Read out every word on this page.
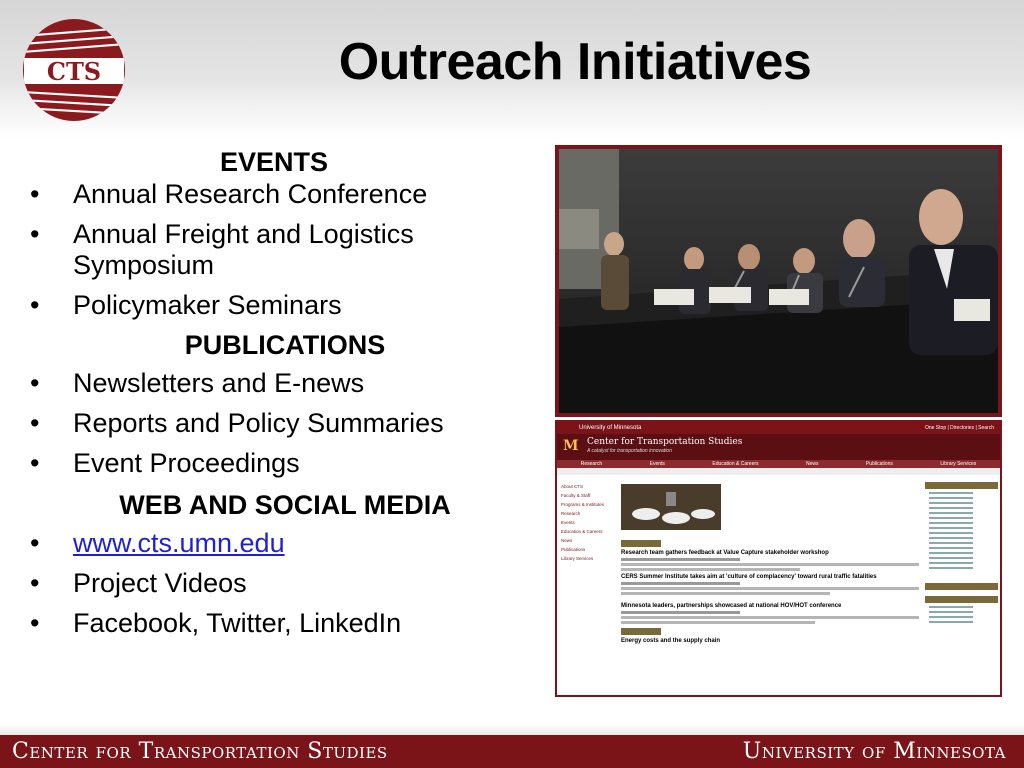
CTS	Outreach Initiatives
EVENTS
• Annual Research Conference
• Annual Freight and Logistics Symposium
• Policymaker Seminars
PUBLICATIONS
• Newsletters and E-news
• Reports and Policy Summaries
• Event Proceedings
WEB AND SOCIAL MEDIA
• www.cts.umn.edu
• Project Videos
• Facebook, Twitter, LinkedIn
University of Minnesota	One Stop | Directories | Search
M Center for Transportation Studies
A catalyst for transportation innovation
Research	Events	Education & Careers	News	Publications	Library Services
About CTS
Faculty & Staff
Programs & Institutes
Research
Events
Education & Careers
News
Publications
Library Services
Research team gathers feedback at Value Capture stakeholder workshop
CERS Summer Institute takes aim at 'culture of complacency' toward rural traffic fatalities
Minnesota leaders, partnerships showcased at national HOV/HOT conference
Energy costs and the supply chain
Center for Transportation Studies	University of Minnesota
